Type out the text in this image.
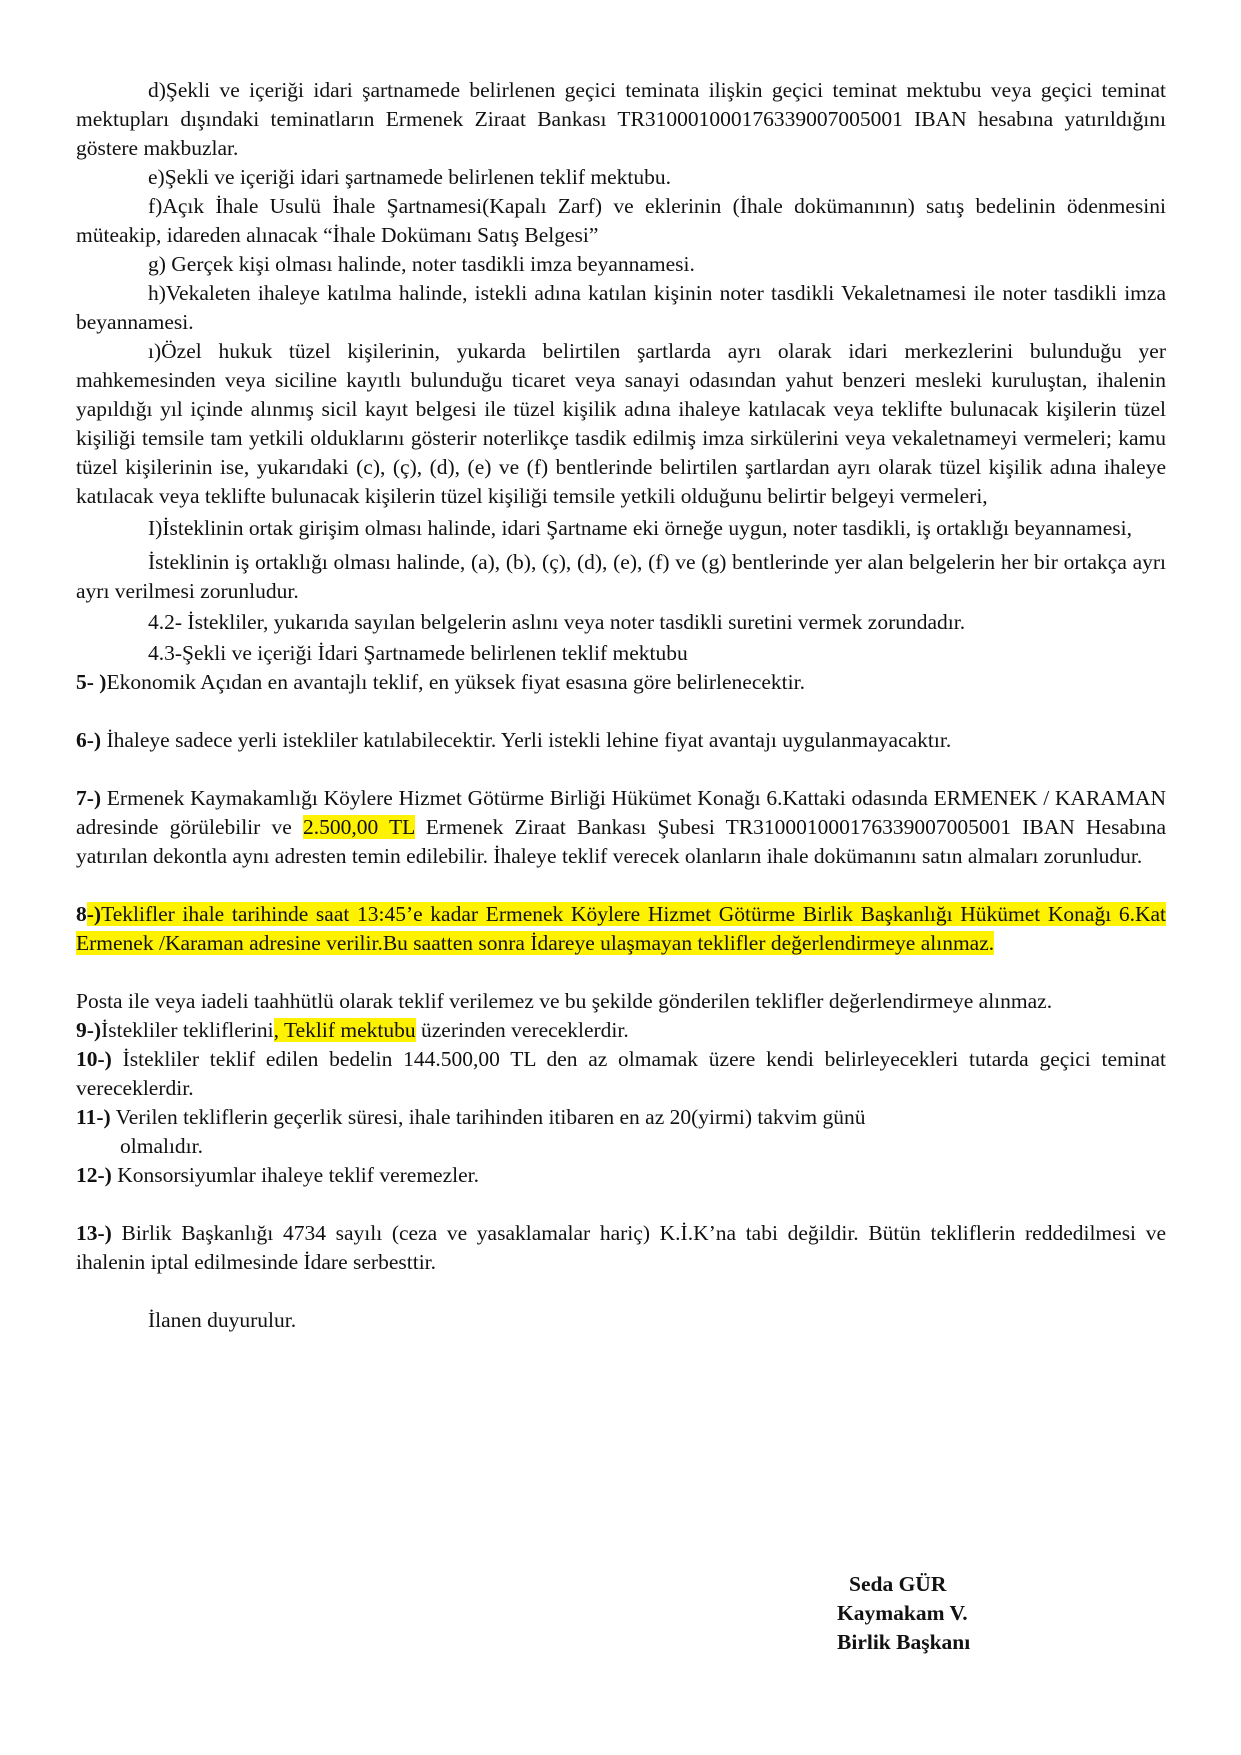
d)Şekli ve içeriği idari şartnamede belirlenen geçici teminata ilişkin geçici teminat mektubu veya geçici teminat mektupları dışındaki teminatların Ermenek Ziraat Bankası TR310001000176339007005001 IBAN hesabına yatırıldığını göstere makbuzlar.

e)Şekli ve içeriği idari şartnamede belirlenen teklif mektubu.

f)Açık İhale Usulü İhale Şartnamesi(Kapalı Zarf) ve eklerinin (İhale dokümanının) satış bedelinin ödenmesini müteakip, idareden alınacak “İhale Dokümanı Satış Belgesi”

g) Gerçek kişi olması halinde, noter tasdikli imza beyannamesi.

h)Vekaleten ihaleye katılma halinde, istekli adına katılan kişinin noter tasdikli Vekaletnamesi ile noter tasdikli imza beyannamesi.

ı)Özel hukuk tüzel kişilerinin, yukarda belirtilen şartlarda ayrı olarak idari merkezlerini bulunduğu yer mahkemesinden veya siciline kayıtlı bulunduğu ticaret veya sanayi odasından yahut benzeri mesleki kuruluştan, ihalenin yapıldığı yıl içinde alınmış sicil kayıt belgesi ile tüzel kişilik adına ihaleye katılacak veya teklifte bulunacak kişilerin tüzel kişiliği temsile tam yetkili olduklarını gösterir noterlikçe tasdik edilmiş imza sirkülerini veya vekaletnameyi vermeleri; kamu tüzel kişilerinin ise, yukarıdaki (c), (ç), (d), (e) ve (f) bentlerinde belirtilen şartlardan ayrı olarak tüzel kişilik adına ihaleye katılacak veya teklifte bulunacak kişilerin tüzel kişiliği temsile yetkili olduğunu belirtir belgeyi vermeleri,

I)İsteklinin ortak girişim olması halinde, idari Şartname eki örneğe uygun, noter tasdikli, iş ortaklığı beyannamesi,

İsteklinin iş ortaklığı olması halinde, (a), (b), (ç), (d), (e), (f) ve (g) bentlerinde yer alan belgelerin her bir ortakça ayrı ayrı verilmesi zorunludur.

4.2- İstekliler, yukarıda sayılan belgelerin aslını veya noter tasdikli suretini vermek zorundadır.

4.3-Şekli ve içeriği İdari Şartnamede belirlenen teklif mektubu

5- )Ekonomik Açıdan en avantajlı teklif, en yüksek fiyat esasına göre belirlenecektir.

6-) İhaleye sadece yerli istekliler katılabilecektir. Yerli istekli lehine fiyat avantajı uygulanmayacaktır.

7-) Ermenek Kaymakamlığı Köylere Hizmet Götürme Birliği Hükümet Konağı 6.Kattaki odasında ERMENEK / KARAMAN adresinde görülebilir ve 2.500,00 TL Ermenek Ziraat Bankası Şubesi TR310001000176339007005001 IBAN Hesabına yatırılan dekontla aynı adresten temin edilebilir. İhaleye teklif verecek olanların ihale dokümanını satın almaları zorunludur.

8-)Teklifler ihale tarihinde saat 13:45’e kadar Ermenek Köylere Hizmet Götürme Birlik Başkanlığı Hükümet Konağı 6.Kat Ermenek /Karaman adresine verilir.Bu saatten sonra İdareye ulaşmayan teklifler değerlendirmeye alınmaz.

Posta ile veya iadeli taahhütlü olarak teklif verilemez ve bu şekilde gönderilen teklifler değerlendirmeye alınmaz.

9-)İstekliler tekliflerini, Teklif mektubu üzerinden vereceklerdir.

10-) İstekliler teklif edilen bedelin 144.500,00 TL den az olmamak üzere kendi belirleyecekleri tutarda geçici teminat vereceklerdir.

11-) Verilen tekliflerin geçerlik süresi, ihale tarihinden itibaren en az 20(yirmi) takvim günü

olmalıdır.

12-) Konsorsiyumlar ihaleye teklif veremezler.

13-) Birlik Başkanlığı 4734 sayılı (ceza ve yasaklamalar hariç) K.İ.K’na tabi değildir. Bütün tekliflerin reddedilmesi ve ihalenin iptal edilmesinde İdare serbesttir.

İlanen duyurulur.

Seda GÜR
Kaymakam V.
Birlik Başkanı
